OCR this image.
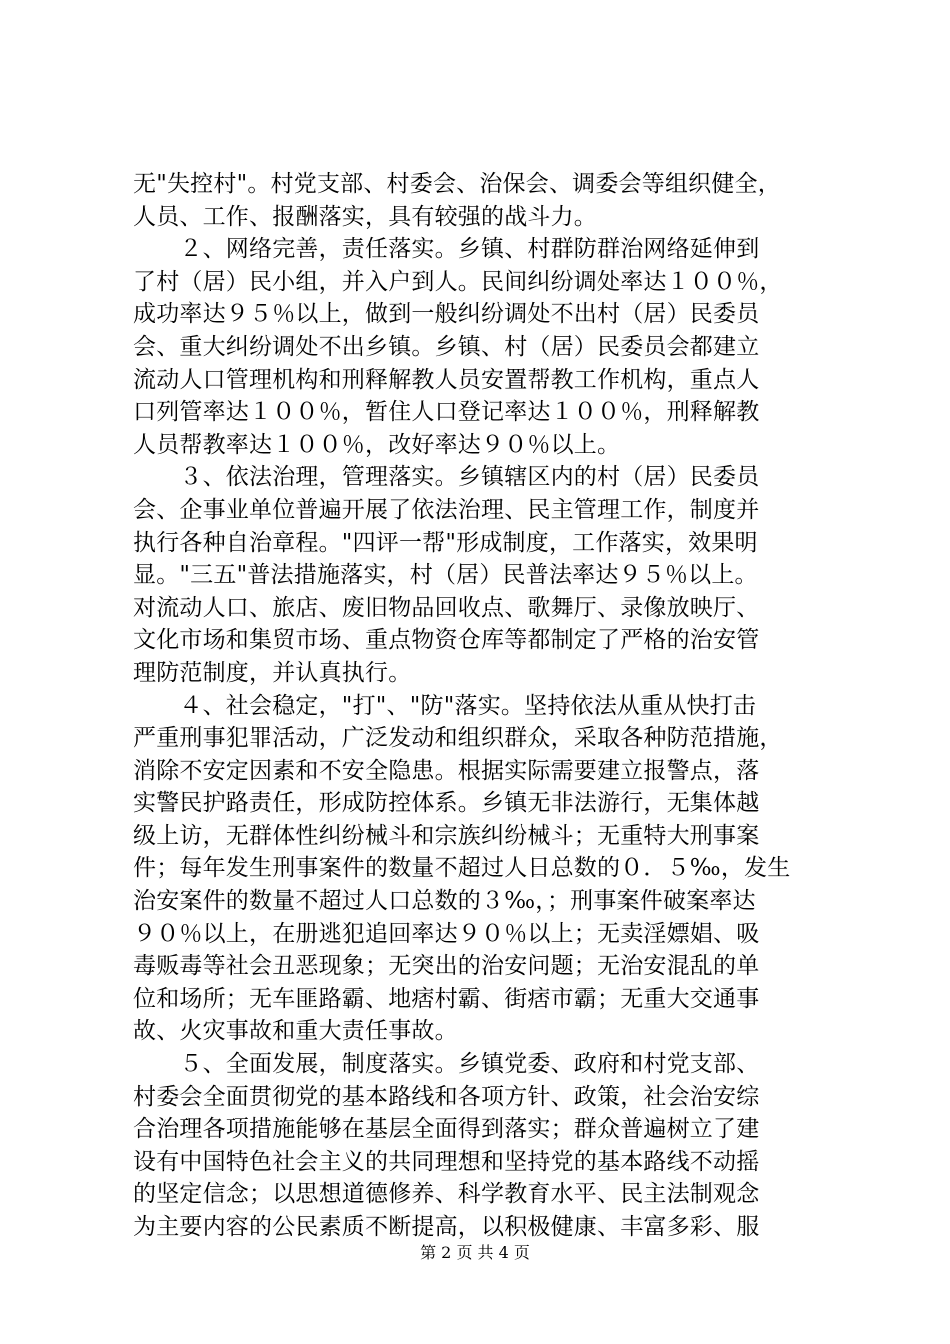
无"失控村"。村党支部、村委会、治保会、调委会等组织健全，
人员、工作、报酬落实，具有较强的战斗力。
　　２、网络完善，责任落实。乡镇、村群防群治网络延伸到
了村（居）民小组，并入户到人。民间纠纷调处率达１００％，
成功率达９５％以上，做到一般纠纷调处不出村（居）民委员
会、重大纠纷调处不出乡镇。乡镇、村（居）民委员会都建立
流动人口管理机构和刑释解教人员安置帮教工作机构，重点人
口列管率达１００％，暂住人口登记率达１００％，刑释解教
人员帮教率达１００％，改好率达９０％以上。
　　３、依法治理，管理落实。乡镇辖区内的村（居）民委员
会、企事业单位普遍开展了依法治理、民主管理工作，制度并
执行各种自治章程。"四评一帮"形成制度，工作落实，效果明
显。"三五"普法措施落实，村（居）民普法率达９５％以上。
对流动人口、旅店、废旧物品回收点、歌舞厅、录像放映厅、
文化市场和集贸市场、重点物资仓库等都制定了严格的治安管
理防范制度，并认真执行。
　　４、社会稳定，"打"、"防"落实。坚持依法从重从快打击
严重刑事犯罪活动，广泛发动和组织群众，采取各种防范措施，
消除不安定因素和不安全隐患。根据实际需要建立报警点，落
实警民护路责任，形成防控体系。乡镇无非法游行，无集体越
级上访，无群体性纠纷械斗和宗族纠纷械斗；无重特大刑事案
件；每年发生刑事案件的数量不超过人日总数的０．５‰，发生
治安案件的数量不超过人口总数的３‰，；刑事案件破案率达
９０％以上，在册逃犯追回率达９０％以上；无卖淫嫖娼、吸
毒贩毒等社会丑恶现象；无突出的治安问题；无治安混乱的单
位和场所；无车匪路霸、地痞村霸、街痞市霸；无重大交通事
故、火灾事故和重大责任事故。
　　５、全面发展，制度落实。乡镇党委、政府和村党支部、
村委会全面贯彻党的基本路线和各项方针、政策，社会治安综
合治理各项措施能够在基层全面得到落实；群众普遍树立了建
设有中国特色社会主义的共同理想和坚持党的基本路线不动摇
的坚定信念；以思想道德修养、科学教育水平、民主法制观念
为主要内容的公民素质不断提高，以积极健康、丰富多彩、服
第 2 页 共 4 页
